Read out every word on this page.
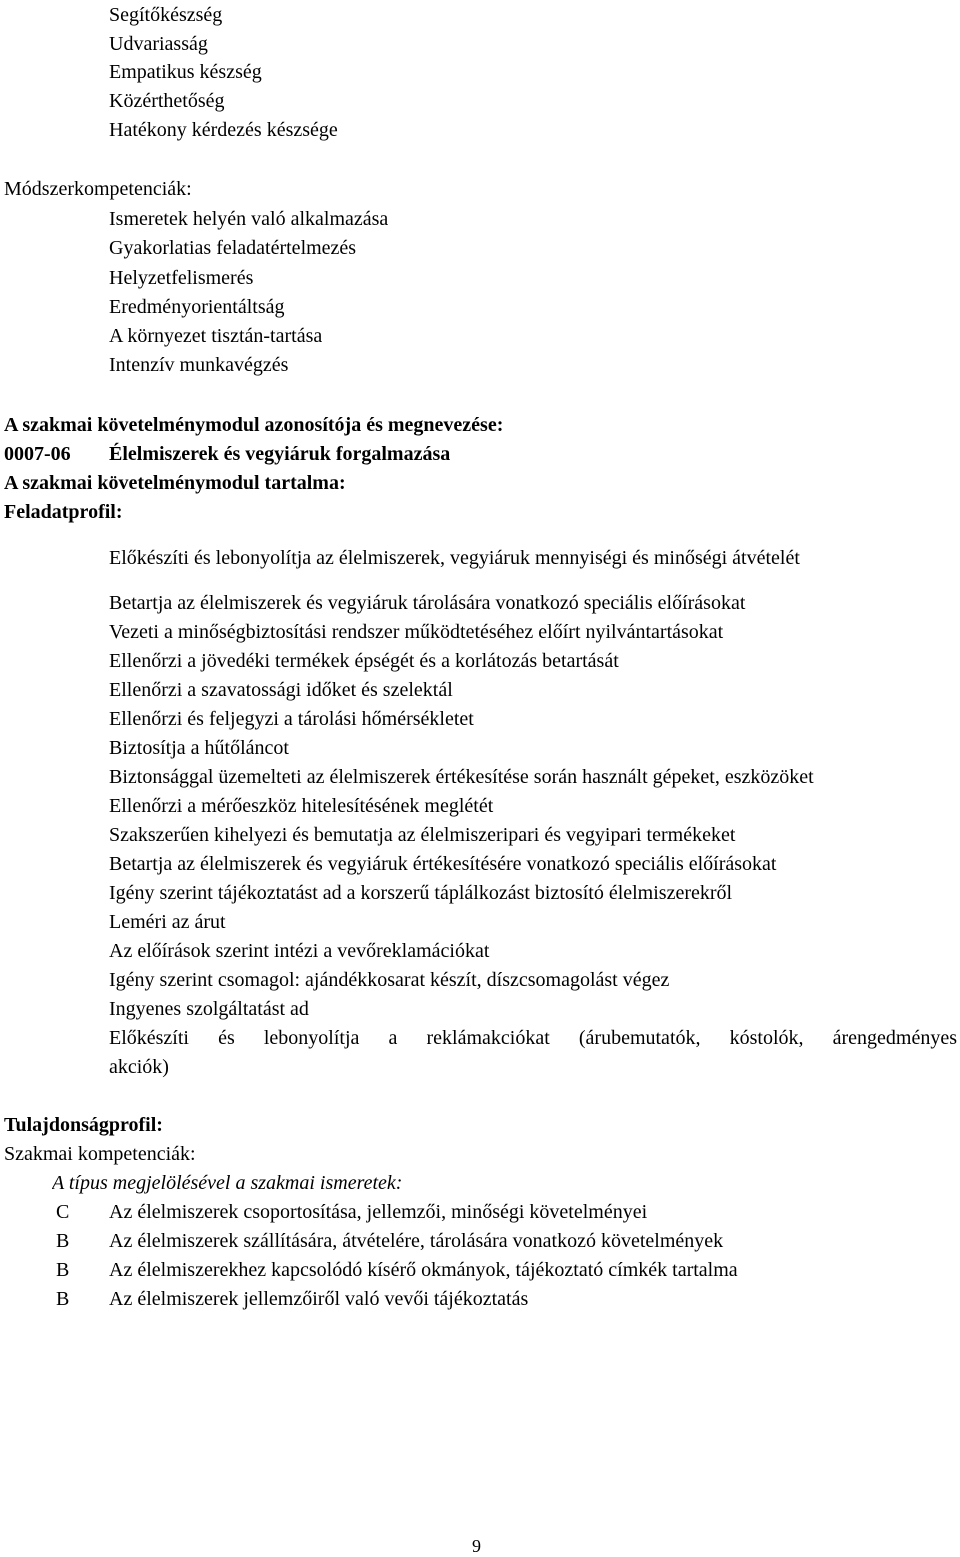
Segítőkészség
Udvariasság
Empatikus készség
Közérthetőség
Hatékony kérdezés készsége
Módszerkompetenciák:
Ismeretek helyén való alkalmazása
Gyakorlatias feladatértelmezés
Helyzetfelismerés
Eredményorientáltság
A környezet tisztán-tartása
Intenzív munkavégzés
A szakmai követelménymodul azonosítója és megnevezése:
0007-06	Élelmiszerek és vegyiáruk forgalmazása
A szakmai követelménymodul tartalma:
Feladatprofil:
Előkészíti és lebonyolítja az élelmiszerek, vegyiáruk mennyiségi és minőségi átvételét
Betartja az élelmiszerek és vegyiáruk tárolására vonatkozó speciális előírásokat
Vezeti a minőségbiztosítási rendszer működtetéséhez előírt nyilvántartásokat
Ellenőrzi a jövedéki termékek épségét és a korlátozás betartását
Ellenőrzi a szavatossági időket és szelektál
Ellenőrzi és feljegyzi a tárolási hőmérsékletet
Biztosítja a hűtőláncot
Biztonsággal üzemelteti az élelmiszerek értékesítése során használt gépeket, eszközöket
Ellenőrzi a mérőeszköz hitelesítésének meglétét
Szakszerűen kihelyezi és bemutatja az élelmiszeripari és vegyipari termékeket
Betartja az élelmiszerek és vegyiáruk értékesítésére vonatkozó speciális előírásokat
Igény szerint tájékoztatást ad a korszerű táplálkozást biztosító élelmiszerekről
Leméri az árut
Az előírások szerint intézi a vevőreklamációkat
Igény szerint csomagol: ajándékkosarat készít, díszcsomagolást végez
Ingyenes szolgáltatást ad
Előkészíti és lebonyolítja a reklámakciókat (árubemutatók, kóstolók, árengedményes
akciók)
Tulajdonságprofil:
Szakmai kompetenciák:
A típus megjelölésével a szakmai ismeretek:
C Az élelmiszerek csoportosítása, jellemzői, minőségi követelményei
B Az élelmiszerek szállítására, átvételére, tárolására vonatkozó követelmények
B Az élelmiszerekhez kapcsolódó kísérő okmányok, tájékoztató címkék tartalma
B Az élelmiszerek jellemzőiről való vevői tájékoztatás
9
